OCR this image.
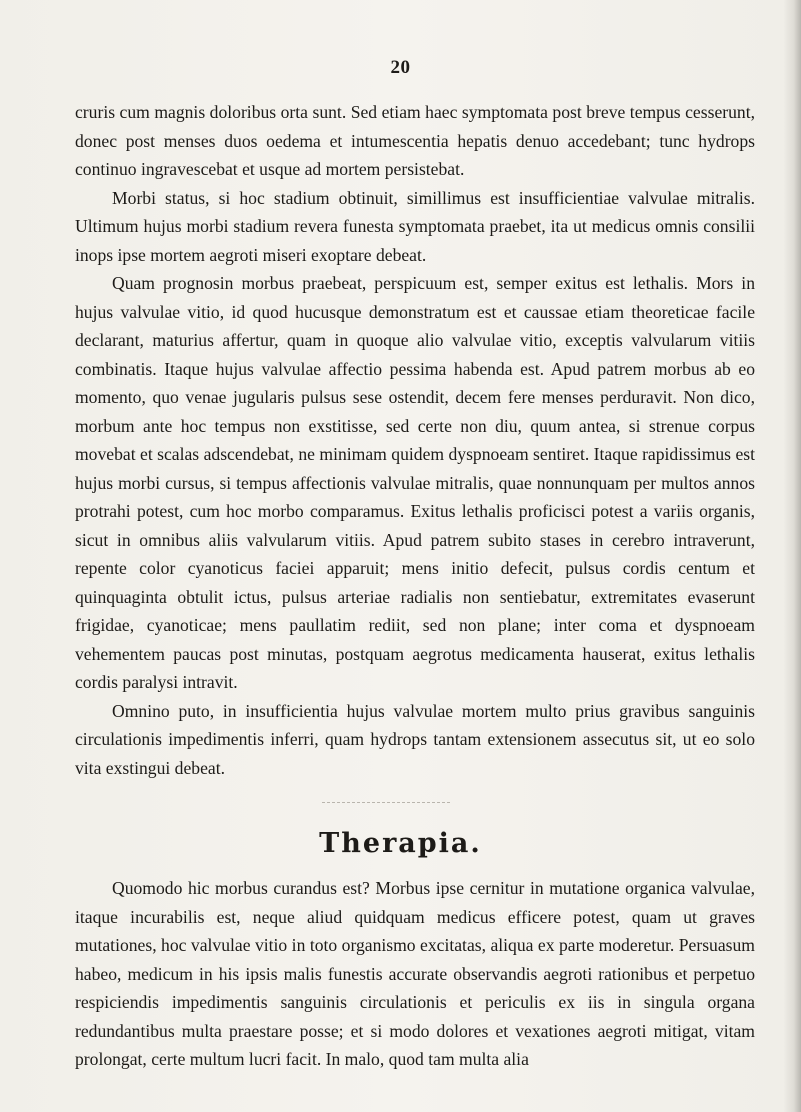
20

cruris cum magnis doloribus orta sunt. Sed etiam haec symptomata post breve tempus cesserunt, donec post menses duos oedema et intumescentia hepatis denuo accedebant; tunc hydrops continuo ingravescebat et usque ad mortem persistebat.

Morbi status, si hoc stadium obtinuit, simillimus est insufficientiae valvulae mitralis. Ultimum hujus morbi stadium revera funesta symptomata praebet, ita ut medicus omnis consilii inops ipse mortem aegroti miseri exoptare debeat.

Quam prognosin morbus praebeat, perspicuum est, semper exitus est lethalis. Mors in hujus valvulae vitio, id quod hucusque demonstratum est et caussae etiam theoreticae facile declarant, maturius affertur, quam in quoque alio valvulae vitio, exceptis valvularum vitiis combinatis. Itaque hujus valvulae affectio pessima habenda est. Apud patrem morbus ab eo momento, quo venae jugularis pulsus sese ostendit, decem fere menses perduravit. Non dico, morbum ante hoc tempus non exstitisse, sed certe non diu, quum antea, si strenue corpus movebat et scalas adscendebat, ne minimam quidem dyspnoeam sentiret. Itaque rapidissimus est hujus morbi cursus, si tempus affectionis valvulae mitralis, quae nonnunquam per multos annos protrahi potest, cum hoc morbo comparamus. Exitus lethalis proficisci potest a variis organis, sicut in omnibus aliis valvularum vitiis. Apud patrem subito stases in cerebro intraverunt, repente color cyanoticus faciei apparuit; mens initio defecit, pulsus cordis centum et quinquaginta obtulit ictus, pulsus arteriae radialis non sentiebatur, extremitates evaserunt frigidae, cyanoticae; mens paullatim rediit, sed non plane; inter coma et dyspnoeam vehementem paucas post minutas, postquam aegrotus medicamenta hauserat, exitus lethalis cordis paralysi intravit.

Omnino puto, in insufficientia hujus valvulae mortem multo prius gravibus sanguinis circulationis impedimentis inferri, quam hydrops tantam extensionem assecutus sit, ut eo solo vita exstingui debeat.

Therapia.

Quomodo hic morbus curandus est? Morbus ipse cernitur in mutatione organica valvulae, itaque incurabilis est, neque aliud quidquam medicus efficere potest, quam ut graves mutationes, hoc valvulae vitio in toto organismo excitatas, aliqua ex parte moderetur. Persuasum habeo, medicum in his ipsis malis funestis accurate observandis aegroti rationibus et perpetuo respiciendis impedimentis sanguinis circulationis et periculis ex iis in singula organa redundantibus multa praestare posse; et si modo dolores et vexationes aegroti mitigat, vitam prolongat, certe multum lucri facit. In malo, quod tam multa alia
